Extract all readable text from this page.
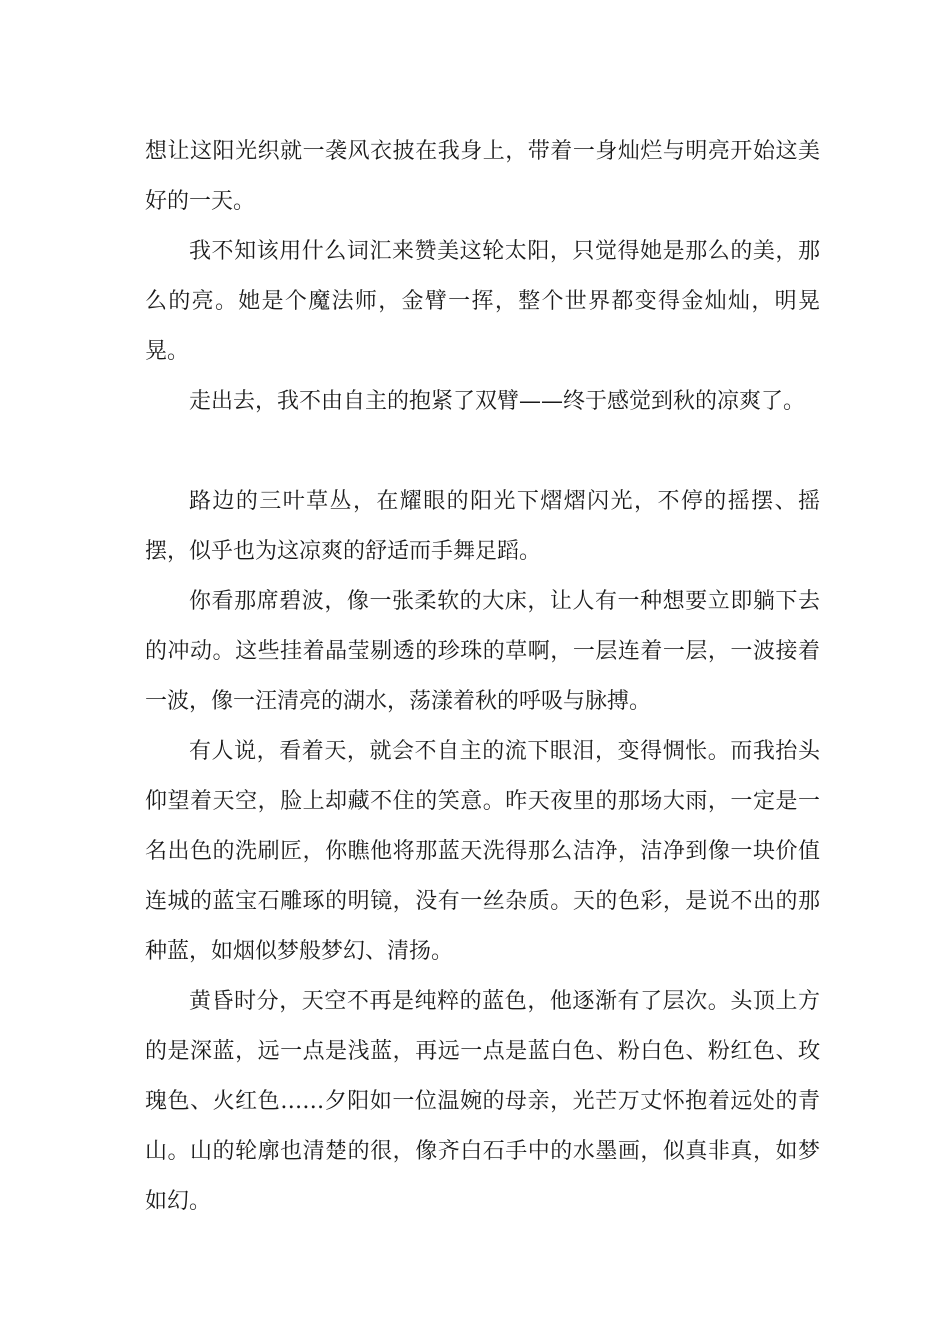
想让这阳光织就一袭风衣披在我身上，带着一身灿烂与明亮开始这美好的一天。

我不知该用什么词汇来赞美这轮太阳，只觉得她是那么的美，那么的亮。她是个魔法师，金臂一挥，整个世界都变得金灿灿，明晃晃。

走出去，我不由自主的抱紧了双臂——终于感觉到秋的凉爽了。

路边的三叶草丛，在耀眼的阳光下熠熠闪光，不停的摇摆、摇摆，似乎也为这凉爽的舒适而手舞足蹈。

你看那席碧波，像一张柔软的大床，让人有一种想要立即躺下去的冲动。这些挂着晶莹剔透的珍珠的草啊，一层连着一层，一波接着一波，像一汪清亮的湖水，荡漾着秋的呼吸与脉搏。

有人说，看着天，就会不自主的流下眼泪，变得惆怅。而我抬头仰望着天空，脸上却藏不住的笑意。昨天夜里的那场大雨，一定是一名出色的洗刷匠，你瞧他将那蓝天洗得那么洁净，洁净到像一块价值连城的蓝宝石雕琢的明镜，没有一丝杂质。天的色彩，是说不出的那种蓝，如烟似梦般梦幻、清扬。

黄昏时分，天空不再是纯粹的蓝色，他逐渐有了层次。头顶上方的是深蓝，远一点是浅蓝，再远一点是蓝白色、粉白色、粉红色、玫瑰色、火红色……夕阳如一位温婉的母亲，光芒万丈怀抱着远处的青山。山的轮廓也清楚的很，像齐白石手中的水墨画，似真非真，如梦如幻。
